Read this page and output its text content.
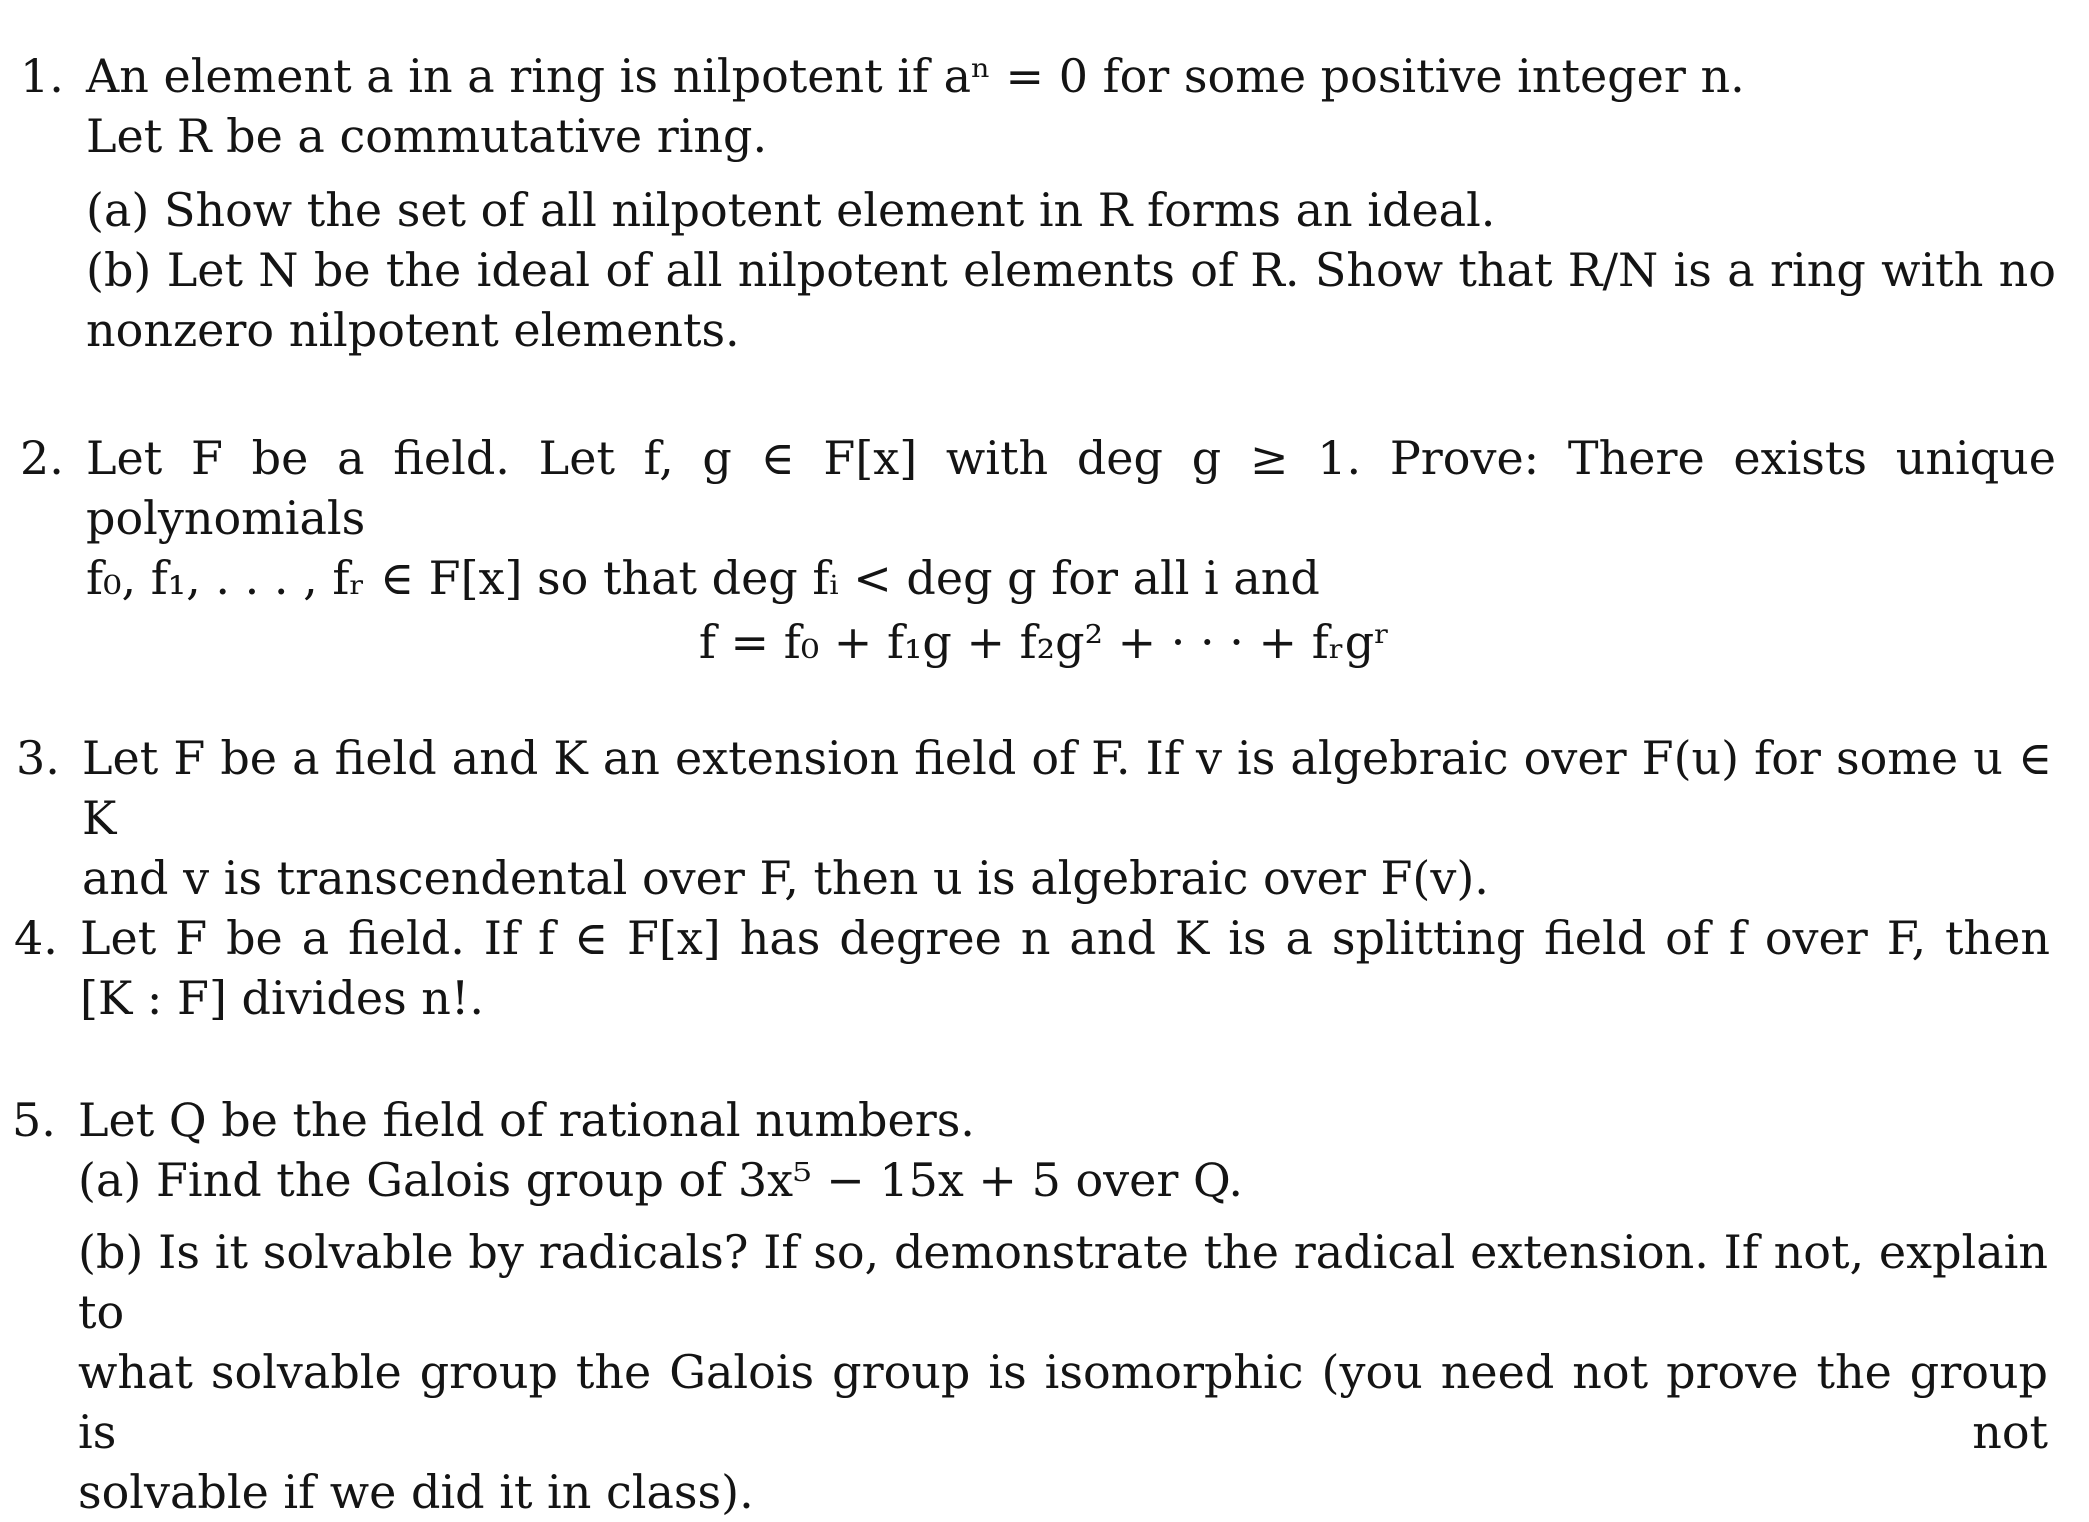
1. An element a in a ring is nilpotent if aⁿ = 0 for some positive integer n.
Let R be a commutative ring.
(a) Show the set of all nilpotent element in R forms an ideal.
(b) Let N be the ideal of all nilpotent elements of R. Show that R/N is a ring with no
nonzero nilpotent elements.
2. Let F be a field. Let f, g ∈ F[x] with deg g ≥ 1. Prove: There exists unique polynomials
f₀, f₁, . . . , fᵣ ∈ F[x] so that deg fᵢ < deg g for all i and
f = f₀ + f₁g + f₂g² + · · · + fᵣgʳ
3. Let F be a field and K an extension field of F. If v is algebraic over F(u) for some u ∈ K
and v is transcendental over F, then u is algebraic over F(v).
4. Let F be a field. If f ∈ F[x] has degree n and K is a splitting field of f over F, then
[K : F] divides n!.
5. Let Q be the field of rational numbers.
(a) Find the Galois group of 3x⁵ − 15x + 5 over Q.
(b) Is it solvable by radicals? If so, demonstrate the radical extension. If not, explain to
what solvable group the Galois group is isomorphic (you need not prove the group is not
solvable if we did it in class).
